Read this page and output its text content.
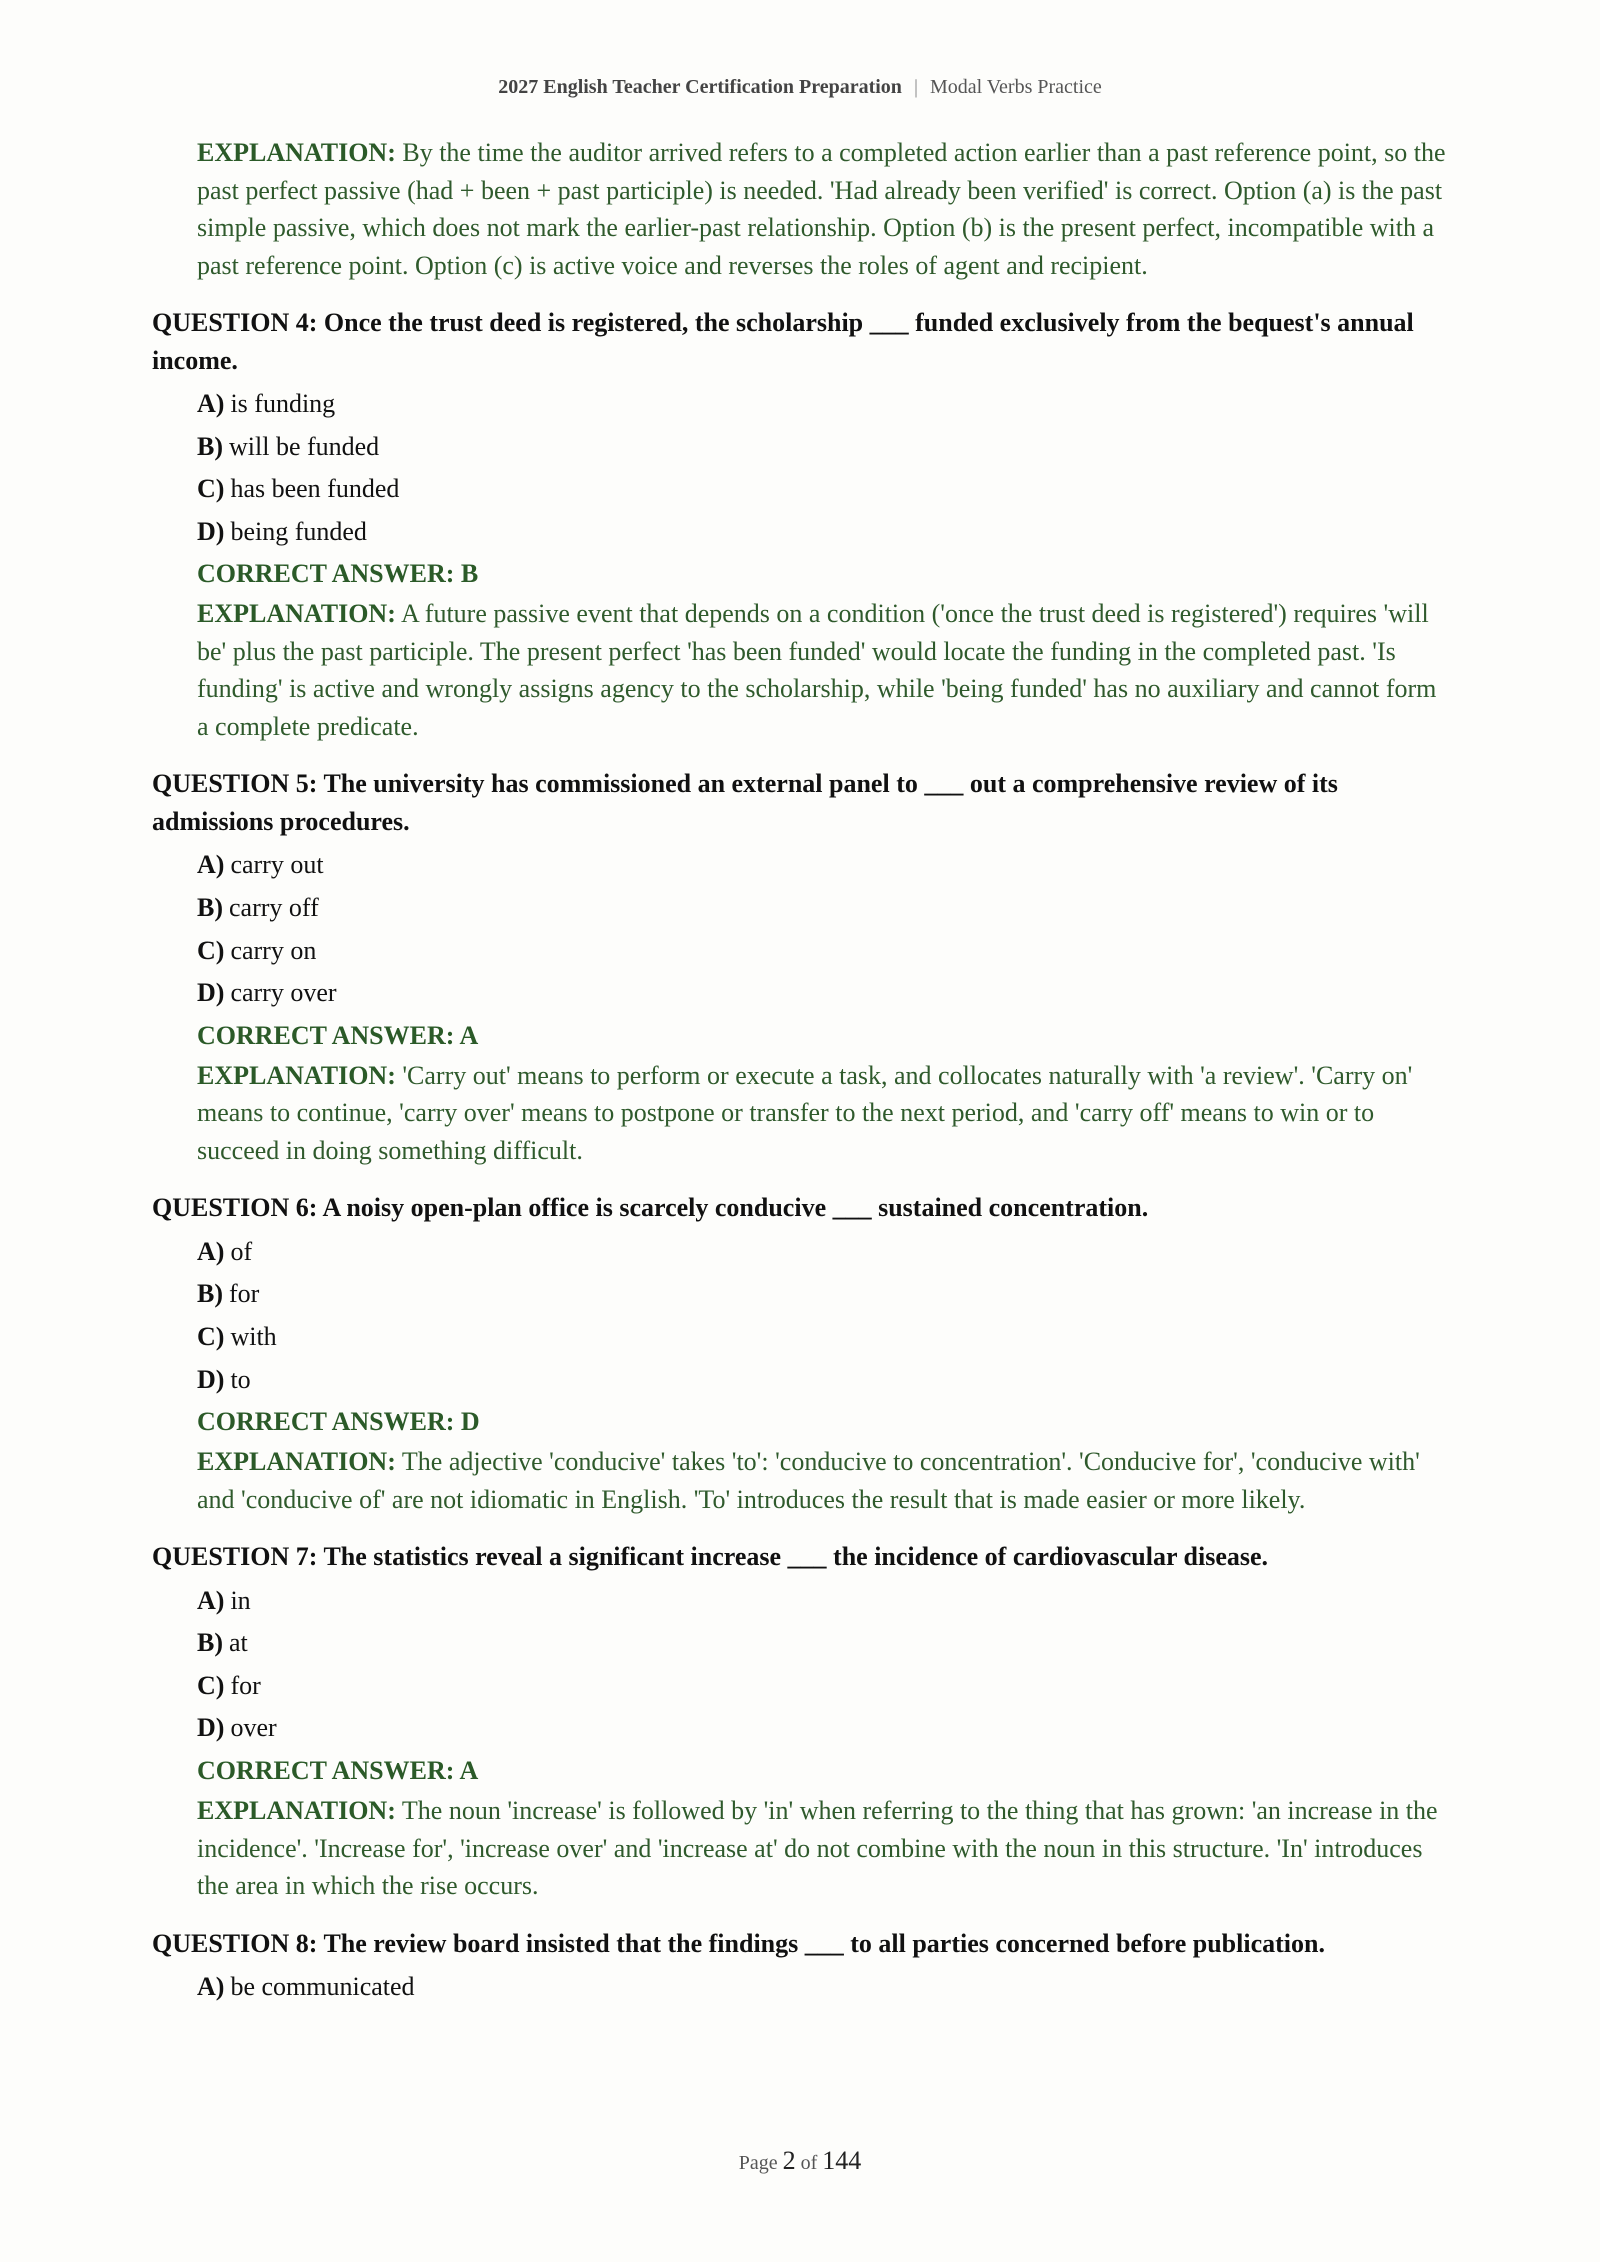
2027 English Teacher Certification Preparation | Modal Verbs Practice
EXPLANATION: By the time the auditor arrived refers to a completed action earlier than a past reference point, so the past perfect passive (had + been + past participle) is needed. 'Had already been verified' is correct. Option (a) is the past simple passive, which does not mark the earlier-past relationship. Option (b) is the present perfect, incompatible with a past reference point. Option (c) is active voice and reverses the roles of agent and recipient.
QUESTION 4: Once the trust deed is registered, the scholarship ___ funded exclusively from the bequest's annual income.
A) is funding
B) will be funded
C) has been funded
D) being funded
CORRECT ANSWER: B
EXPLANATION: A future passive event that depends on a condition ('once the trust deed is registered') requires 'will be' plus the past participle. The present perfect 'has been funded' would locate the funding in the completed past. 'Is funding' is active and wrongly assigns agency to the scholarship, while 'being funded' has no auxiliary and cannot form a complete predicate.
QUESTION 5: The university has commissioned an external panel to ___ out a comprehensive review of its admissions procedures.
A) carry out
B) carry off
C) carry on
D) carry over
CORRECT ANSWER: A
EXPLANATION: 'Carry out' means to perform or execute a task, and collocates naturally with 'a review'. 'Carry on' means to continue, 'carry over' means to postpone or transfer to the next period, and 'carry off' means to win or to succeed in doing something difficult.
QUESTION 6: A noisy open-plan office is scarcely conducive ___ sustained concentration.
A) of
B) for
C) with
D) to
CORRECT ANSWER: D
EXPLANATION: The adjective 'conducive' takes 'to': 'conducive to concentration'. 'Conducive for', 'conducive with' and 'conducive of' are not idiomatic in English. 'To' introduces the result that is made easier or more likely.
QUESTION 7: The statistics reveal a significant increase ___ the incidence of cardiovascular disease.
A) in
B) at
C) for
D) over
CORRECT ANSWER: A
EXPLANATION: The noun 'increase' is followed by 'in' when referring to the thing that has grown: 'an increase in the incidence'. 'Increase for', 'increase over' and 'increase at' do not combine with the noun in this structure. 'In' introduces the area in which the rise occurs.
QUESTION 8: The review board insisted that the findings ___ to all parties concerned before publication.
A) be communicated
Page 2 of 144
